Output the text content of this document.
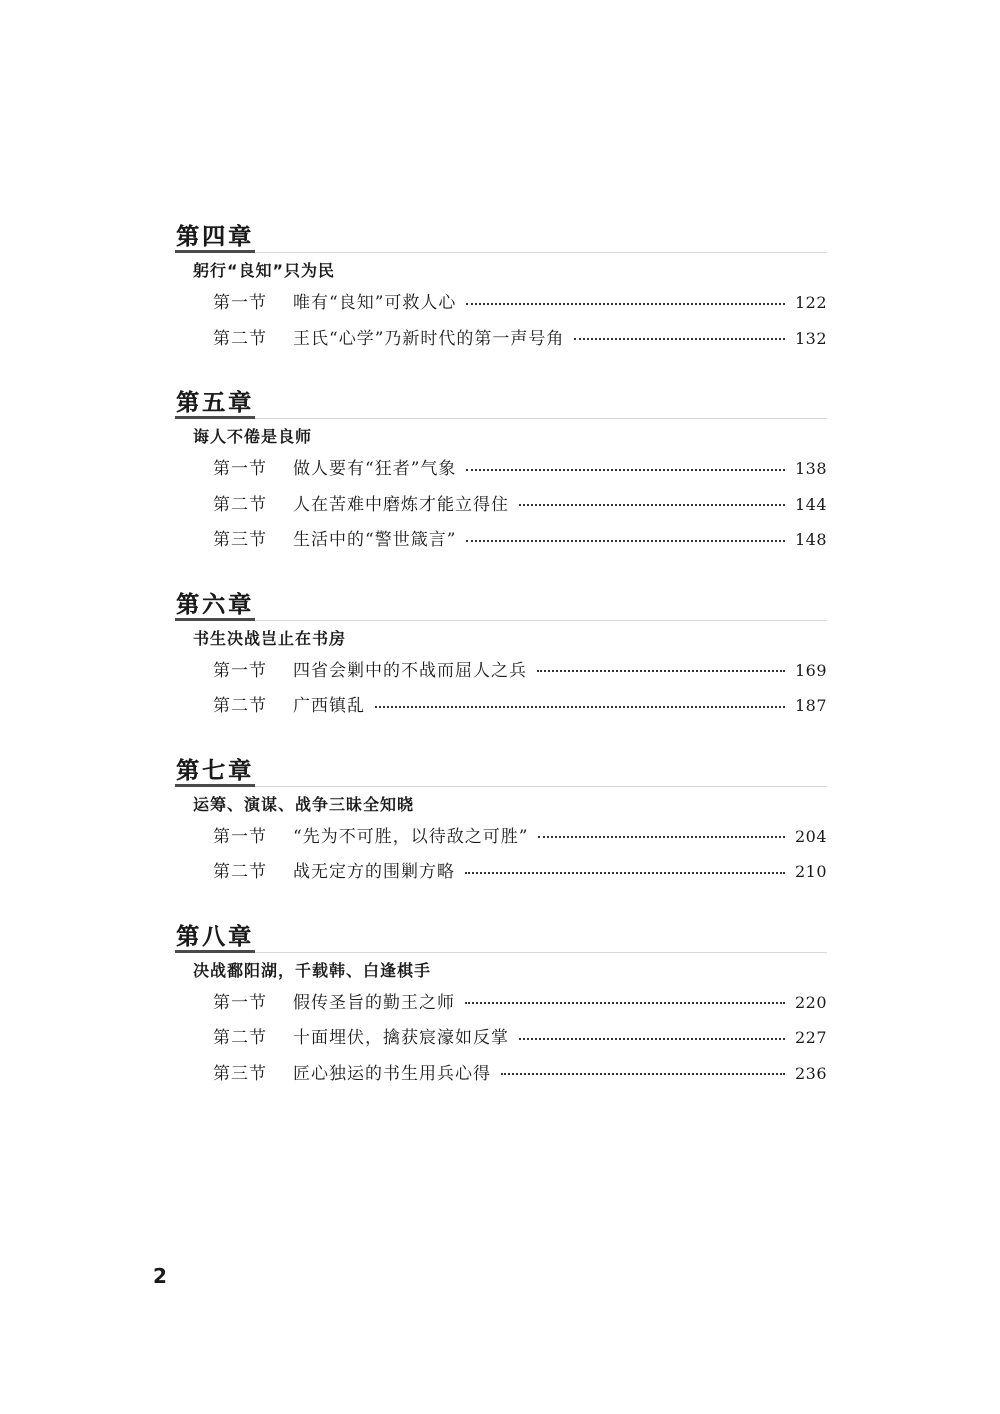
第四章
躬行“良知”只为民
第一节	唯有“良知”可救人心	122
第二节	王氏“心学”乃新时代的第一声号角	132
第五章
诲人不倦是良师
第一节	做人要有“狂者”气象	138
第二节	人在苦难中磨炼才能立得住	144
第三节	生活中的“警世箴言”	148
第六章
书生决战岂止在书房
第一节	四省会剿中的不战而屈人之兵	169
第二节	广西镇乱	187
第七章
运筹、演谋、战争三昧全知晓
第一节	“先为不可胜，以待敌之可胜”	204
第二节	战无定方的围剿方略	210
第八章
决战鄱阳湖，千载韩、白逢棋手
第一节	假传圣旨的勤王之师	220
第二节	十面埋伏，擒获宸濠如反掌	227
第三节	匠心独运的书生用兵心得	236
2
